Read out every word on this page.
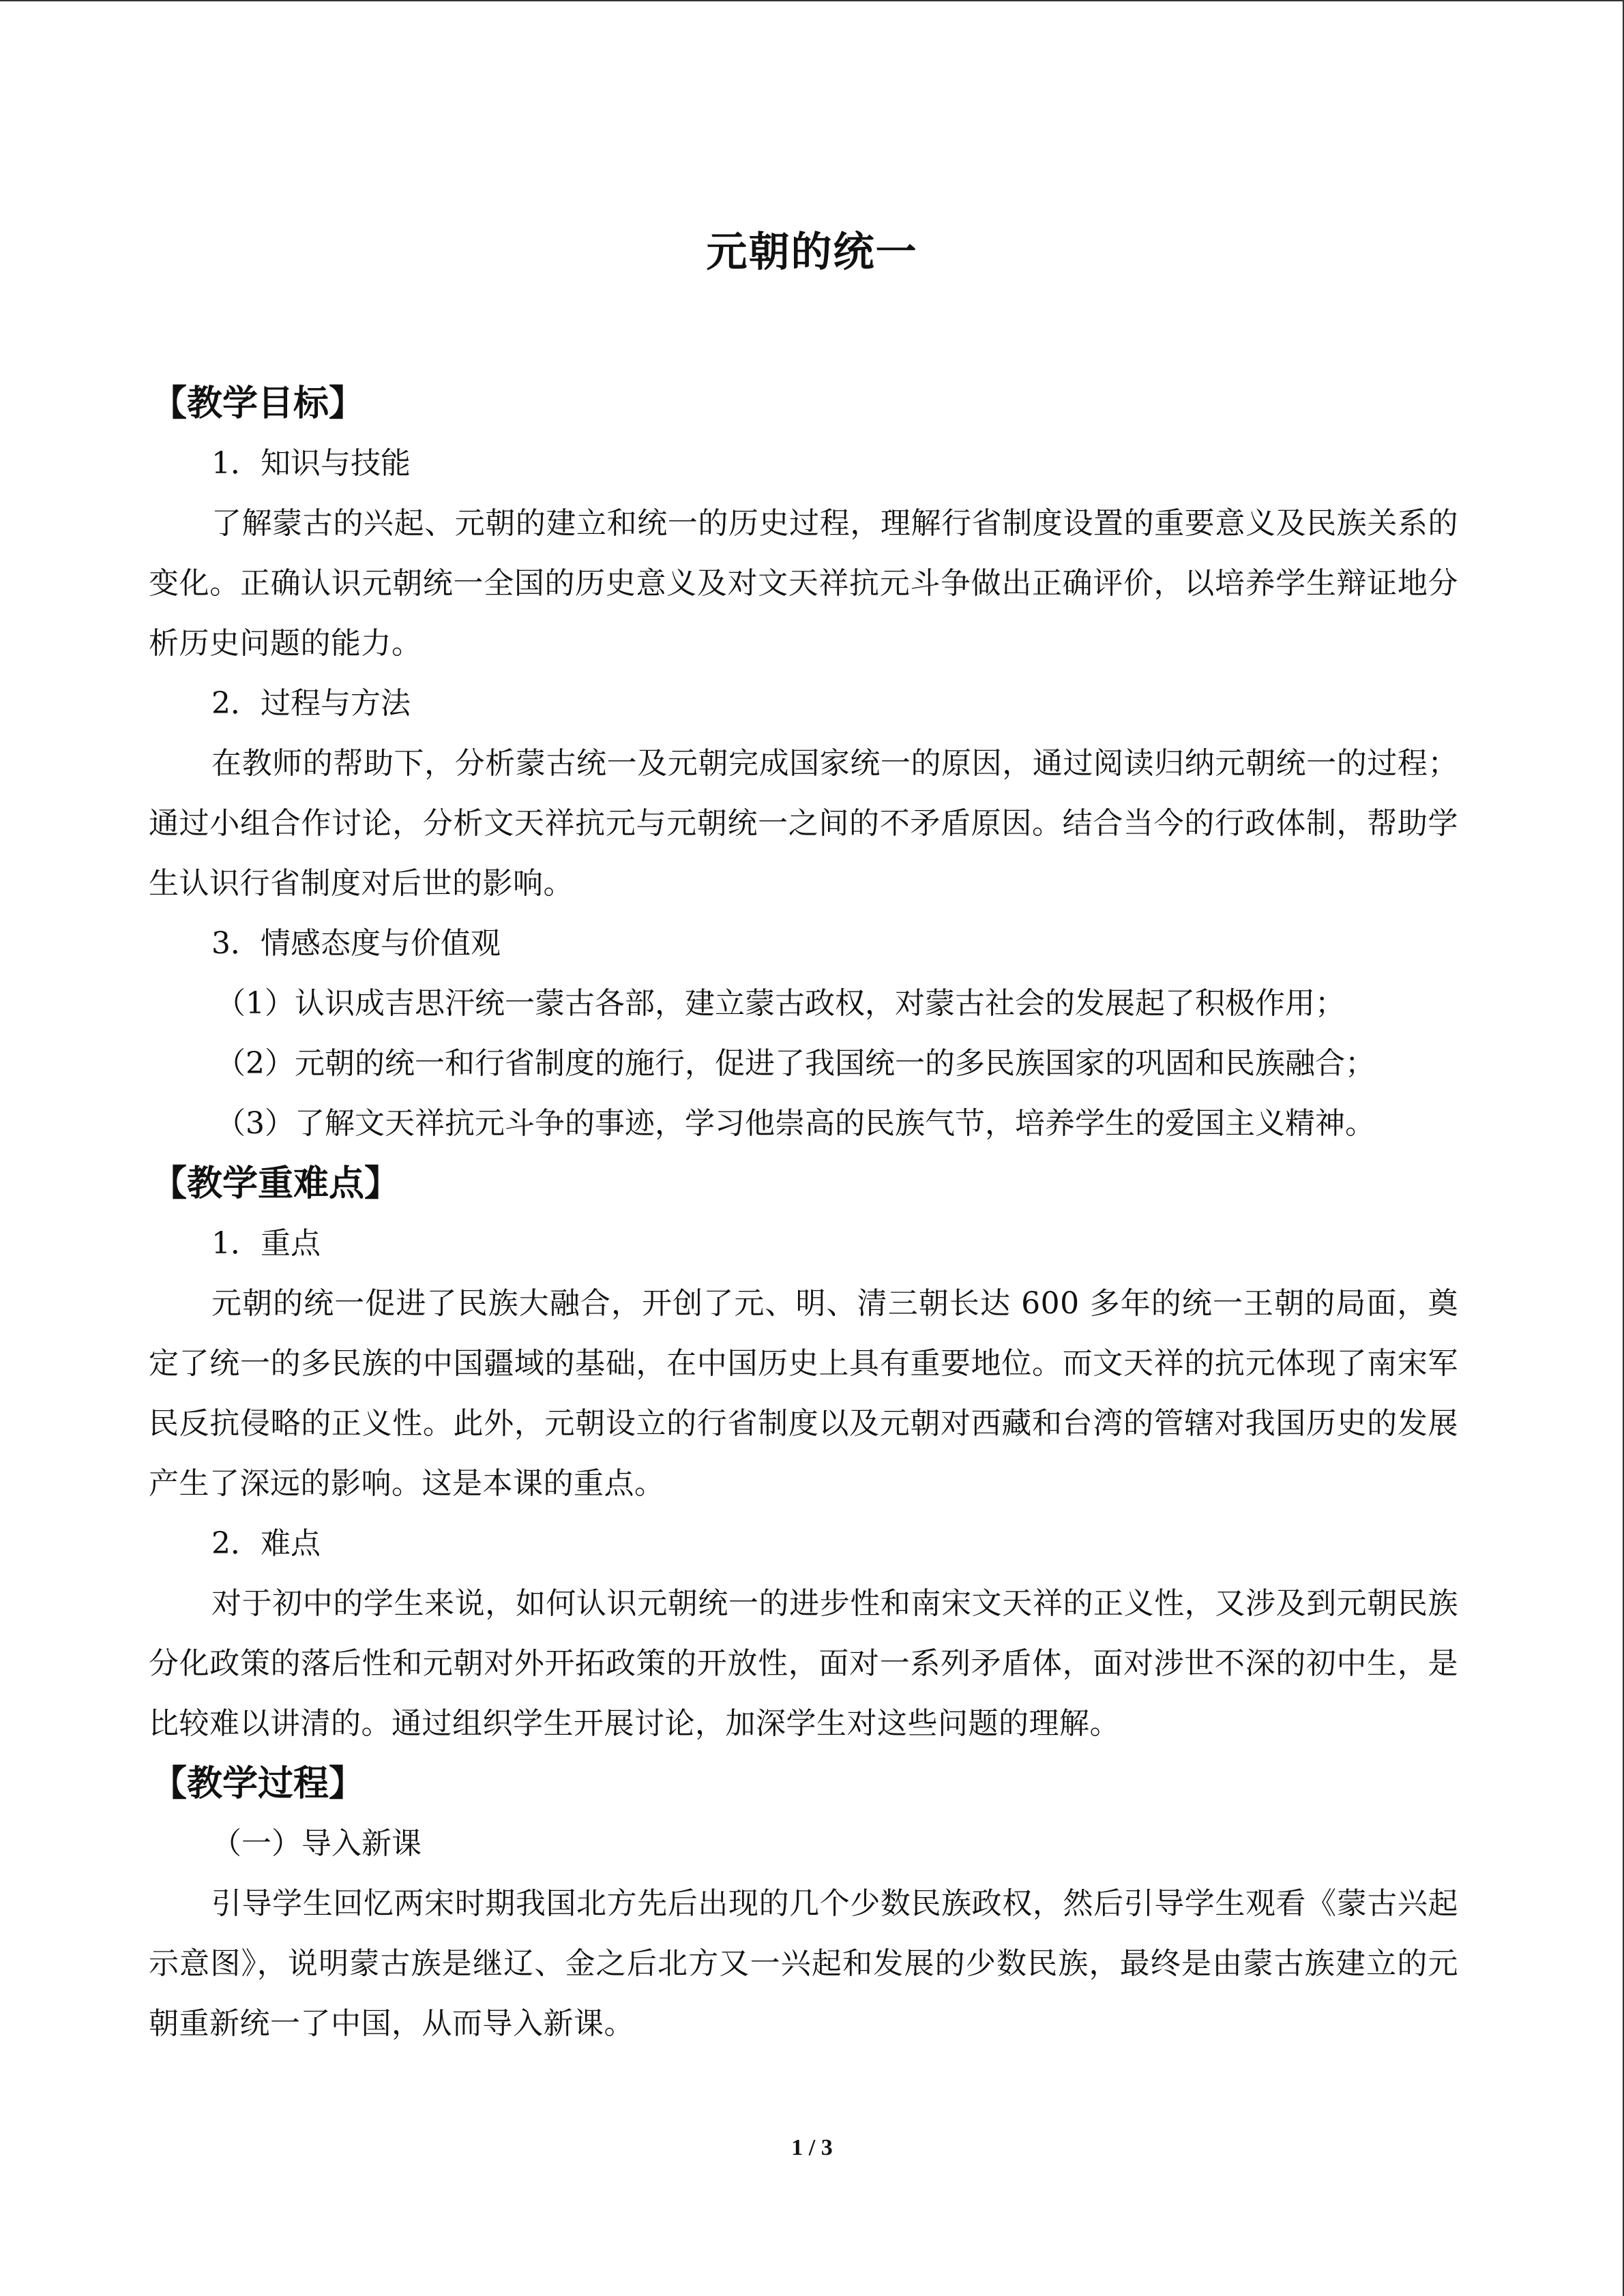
元朝的统一
【教学目标】
1．知识与技能
了解蒙古的兴起、元朝的建立和统一的历史过程，理解行省制度设置的重要意义及民族关系的变化。正确认识元朝统一全国的历史意义及对文天祥抗元斗争做出正确评价，以培养学生辩证地分析历史问题的能力。
2．过程与方法
在教师的帮助下，分析蒙古统一及元朝完成国家统一的原因，通过阅读归纳元朝统一的过程；通过小组合作讨论，分析文天祥抗元与元朝统一之间的不矛盾原因。结合当今的行政体制，帮助学生认识行省制度对后世的影响。
3．情感态度与价值观
（1）认识成吉思汗统一蒙古各部，建立蒙古政权，对蒙古社会的发展起了积极作用；
（2）元朝的统一和行省制度的施行，促进了我国统一的多民族国家的巩固和民族融合；
（3）了解文天祥抗元斗争的事迹，学习他崇高的民族气节，培养学生的爱国主义精神。
【教学重难点】
1．重点
元朝的统一促进了民族大融合，开创了元、明、清三朝长达 600 多年的统一王朝的局面，奠定了统一的多民族的中国疆域的基础，在中国历史上具有重要地位。而文天祥的抗元体现了南宋军民反抗侵略的正义性。此外，元朝设立的行省制度以及元朝对西藏和台湾的管辖对我国历史的发展产生了深远的影响。这是本课的重点。
2．难点
对于初中的学生来说，如何认识元朝统一的进步性和南宋文天祥的正义性，又涉及到元朝民族分化政策的落后性和元朝对外开拓政策的开放性，面对一系列矛盾体，面对涉世不深的初中生，是比较难以讲清的。通过组织学生开展讨论，加深学生对这些问题的理解。
【教学过程】
（一）导入新课
引导学生回忆两宋时期我国北方先后出现的几个少数民族政权，然后引导学生观看《蒙古兴起示意图》，说明蒙古族是继辽、金之后北方又一兴起和发展的少数民族，最终是由蒙古族建立的元朝重新统一了中国，从而导入新课。
1 / 3
